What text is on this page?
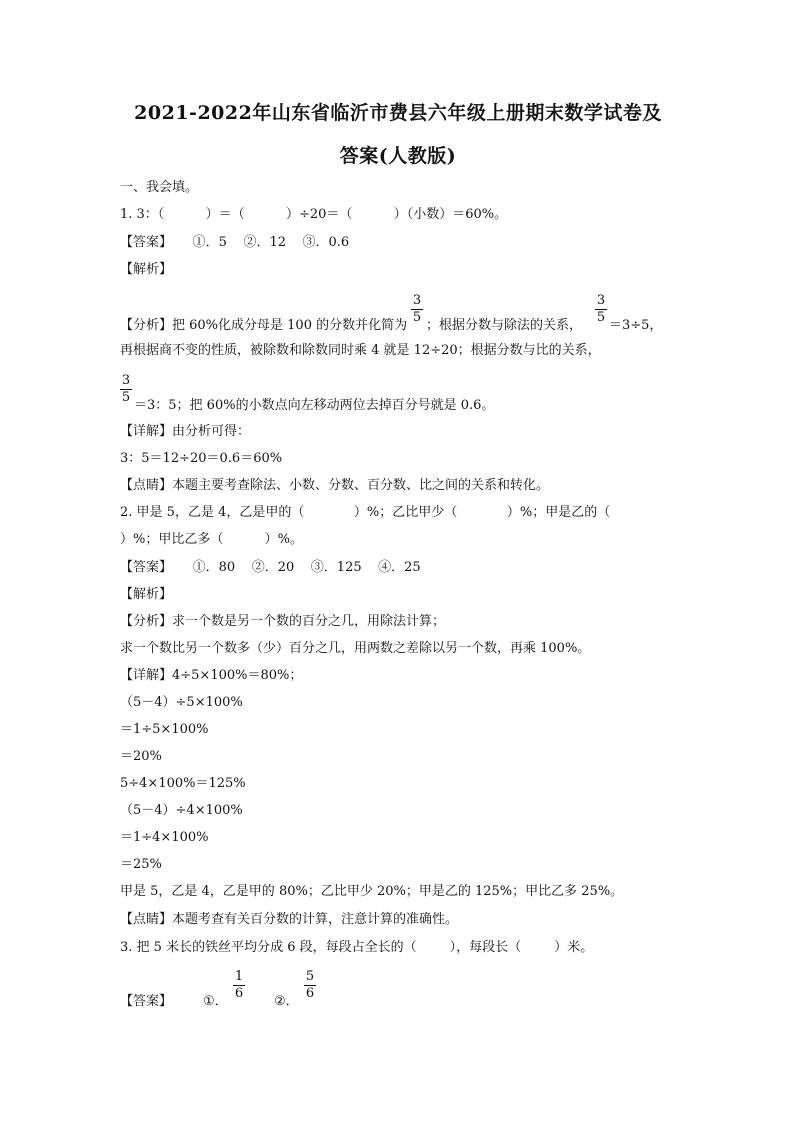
2021-2022年山东省临沂市费县六年级上册期末数学试卷及
答案(人教版)
一、我会填。
1. 3：（          ）＝（          ）÷20＝（          ）（小数）＝60%。
【答案】     ①．5    ②．12    ③．0.6
【解析】
【分析】把 60%化成分母是 100 的分数并化简为
3
5
；根据分数与除法的关系，
3
5
＝3÷5，
再根据商不变的性质，被除数和除数同时乘 4 就是 12÷20；根据分数与比的关系，
3
5
＝3：5；把 60%的小数点向左移动两位去掉百分号就是 0.6。
【详解】由分析可得：
3：5＝12÷20＝0.6＝60%
【点睛】本题主要考查除法、小数、分数、百分数、比之间的关系和转化。
2. 甲是 5，乙是 4，乙是甲的（            ）%；乙比甲少（            ）%；甲是乙的（
）%；甲比乙多（          ）%。
【答案】     ①．80    ②．20    ③．125    ④．25
【解析】
【分析】求一个数是另一个数的百分之几，用除法计算；
求一个数比另一个数多（少）百分之几，用两数之差除以另一个数，再乘 100%。
【详解】4÷5×100%＝80%；
（5－4）÷5×100%
＝1÷5×100%
＝20%
5÷4×100%＝125%
（5－4）÷4×100%
＝1÷4×100%
＝25%
甲是 5，乙是 4，乙是甲的 80%；乙比甲少 20%；甲是乙的 125%；甲比乙多 25%。
【点睛】本题考查有关百分数的计算，注意计算的准确性。
3. 把 5 米长的铁丝平均分成 6 段，每段占全长的（        ），每段长（        ）米。
【答案】 ①．
1
6
②．
5
6
